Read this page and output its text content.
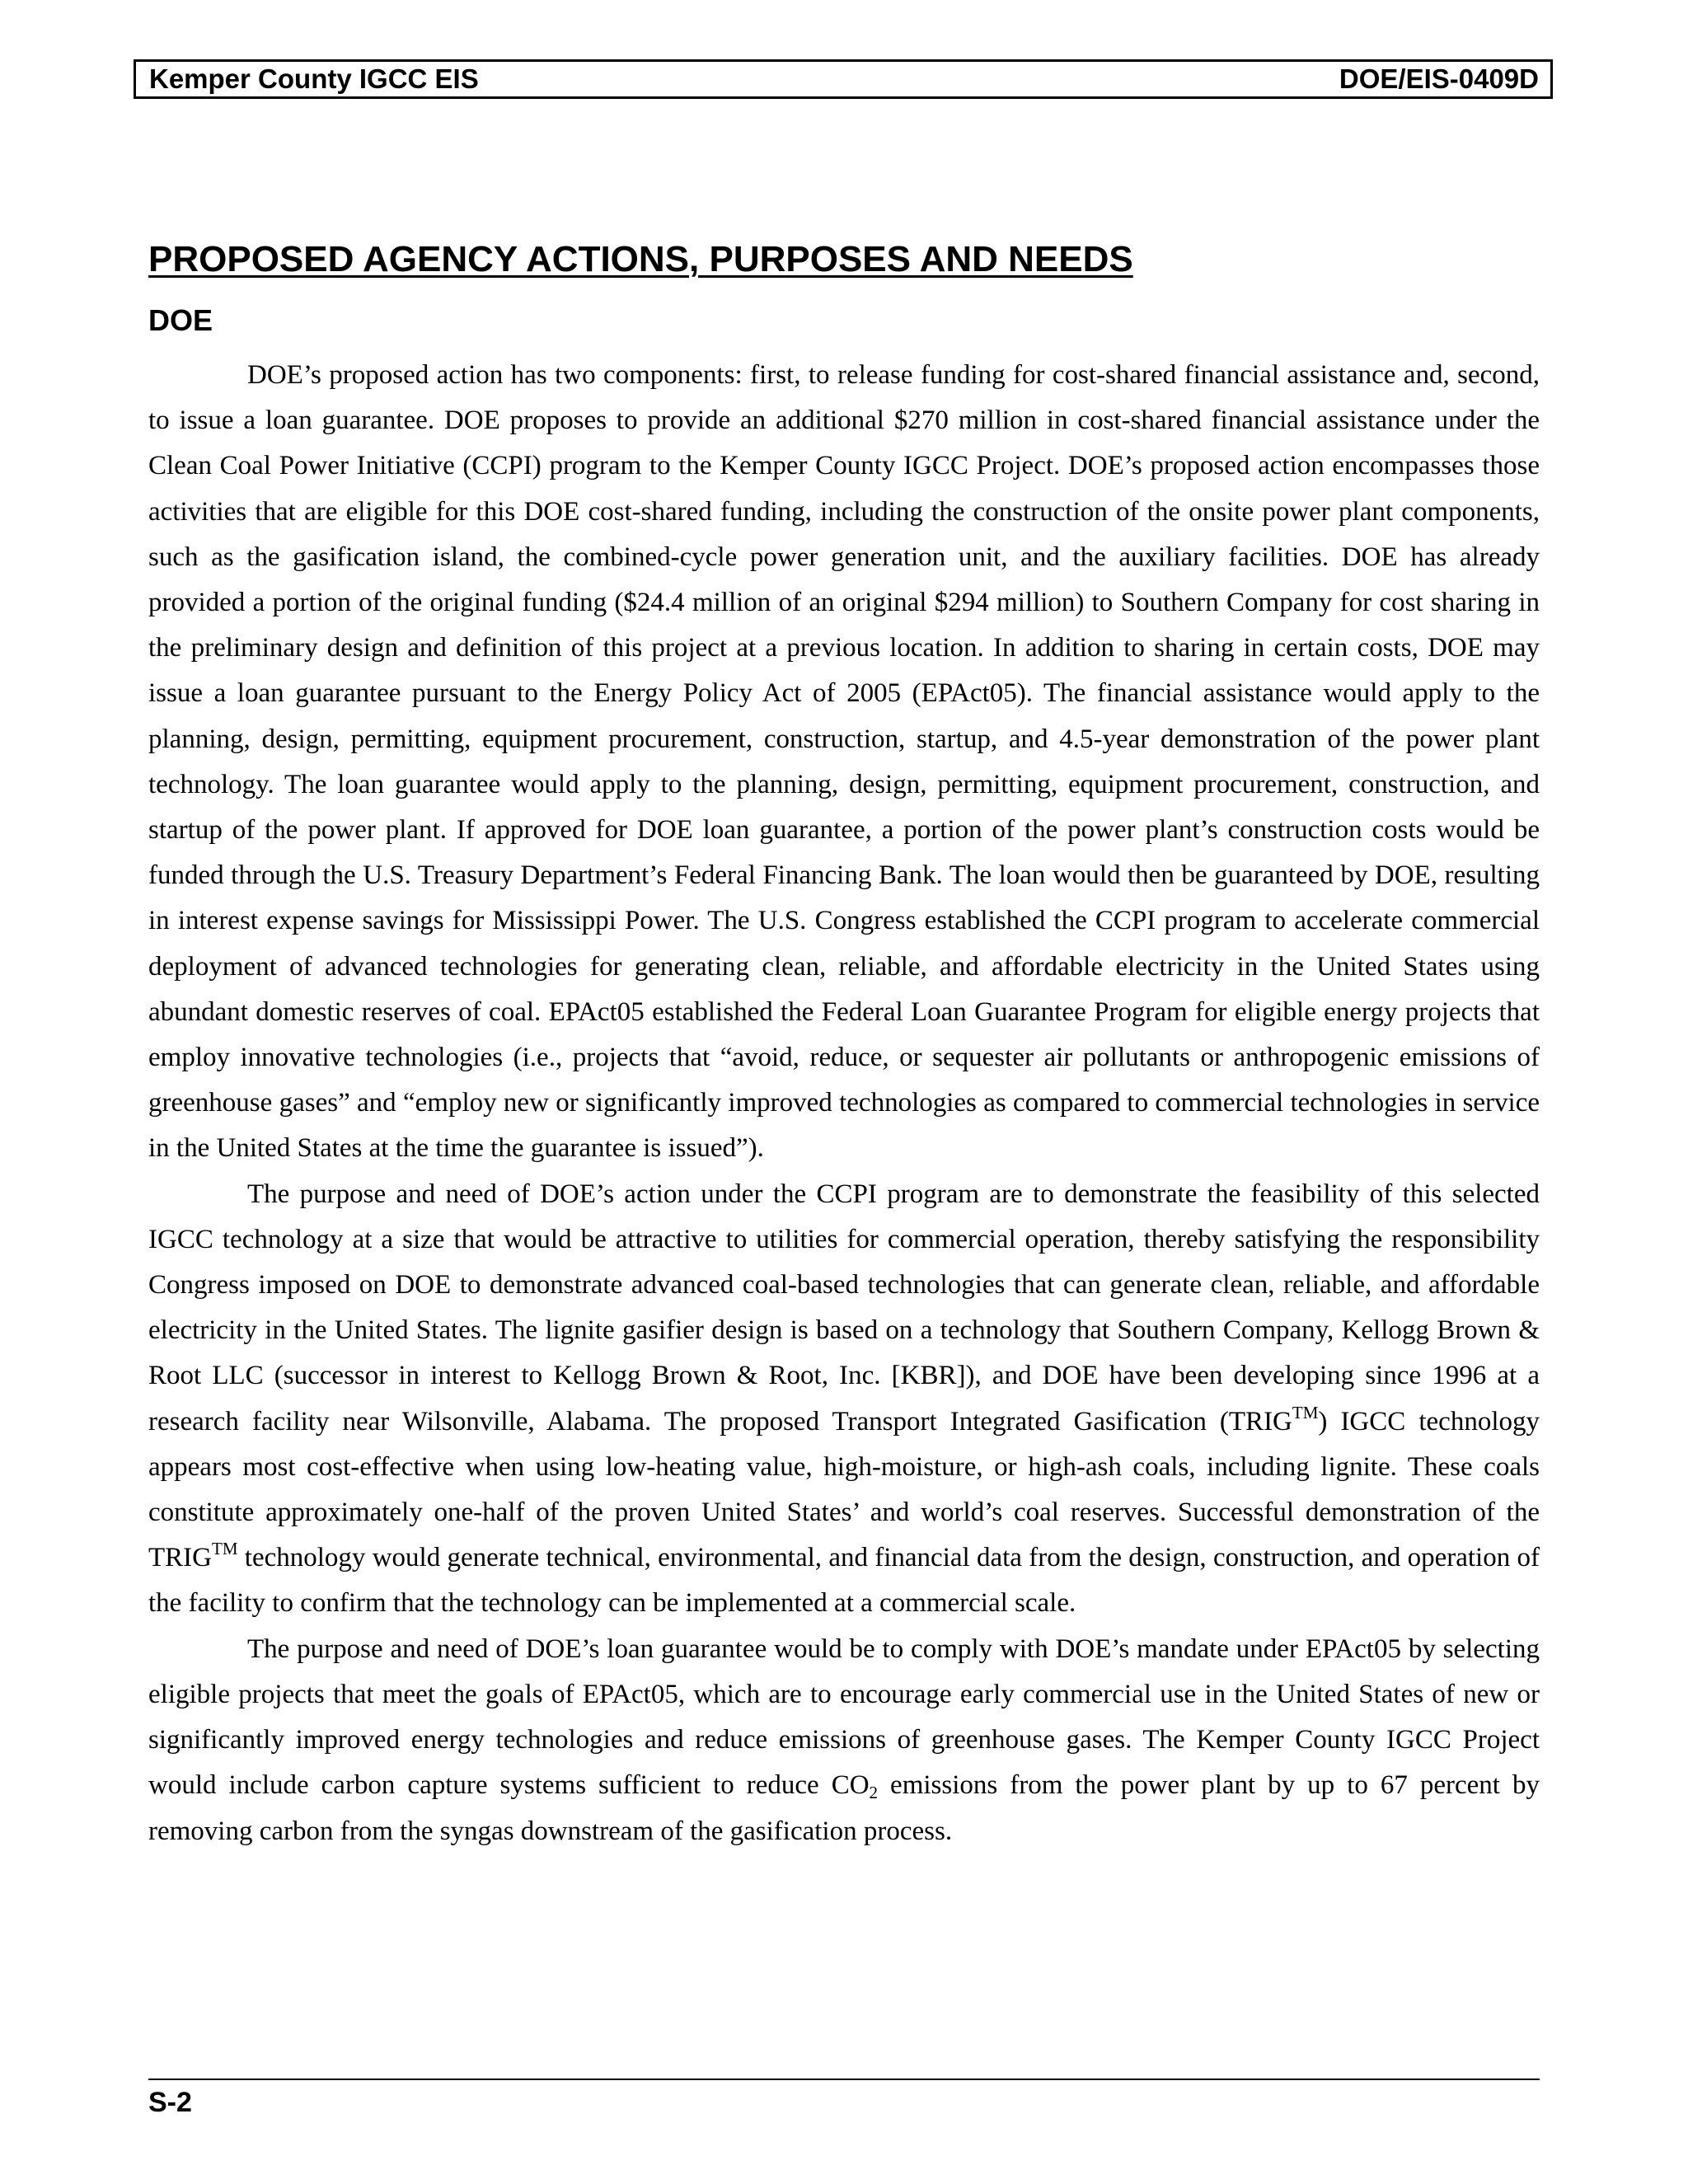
Kemper County IGCC EIS	DOE/EIS-0409D
PROPOSED AGENCY ACTIONS, PURPOSES AND NEEDS
DOE

DOE’s proposed action has two components: first, to release funding for cost-shared financial assistance and, second, to issue a loan guarantee. DOE proposes to provide an additional $270 million in cost-shared financial assistance under the Clean Coal Power Initiative (CCPI) program to the Kemper County IGCC Project. DOE’s proposed action encompasses those activities that are eligible for this DOE cost-shared funding, including the construction of the onsite power plant components, such as the gasification island, the combined-cycle power generation unit, and the auxiliary facilities. DOE has already provided a portion of the original funding ($24.4 million of an original $294 million) to Southern Company for cost sharing in the preliminary design and definition of this project at a previous location. In addition to sharing in certain costs, DOE may issue a loan guarantee pursuant to the Energy Policy Act of 2005 (EPAct05). The financial assistance would apply to the planning, design, permitting, equipment procurement, construction, startup, and 4.5-year demonstration of the power plant technology. The loan guarantee would apply to the planning, design, permitting, equipment procurement, construction, and startup of the power plant. If approved for DOE loan guarantee, a portion of the power plant’s construction costs would be funded through the U.S. Treasury Department’s Federal Financing Bank. The loan would then be guaranteed by DOE, resulting in interest expense savings for Mississippi Power. The U.S. Congress established the CCPI program to accelerate commercial deployment of advanced technologies for generating clean, reliable, and affordable electricity in the United States using abundant domestic reserves of coal. EPAct05 established the Federal Loan Guarantee Program for eligible energy projects that employ innovative technologies (i.e., projects that “avoid, reduce, or sequester air pollutants or anthropogenic emissions of greenhouse gases” and “employ new or significantly improved technologies as compared to commercial technologies in service in the United States at the time the guarantee is issued”).

The purpose and need of DOE’s action under the CCPI program are to demonstrate the feasibility of this selected IGCC technology at a size that would be attractive to utilities for commercial operation, thereby satisfying the responsibility Congress imposed on DOE to demonstrate advanced coal-based technologies that can generate clean, reliable, and affordable electricity in the United States. The lignite gasifier design is based on a technology that Southern Company, Kellogg Brown & Root LLC (successor in interest to Kellogg Brown & Root, Inc. [KBR]), and DOE have been developing since 1996 at a research facility near Wilsonville, Alabama. The proposed Transport Integrated Gasification (TRIG™) IGCC technology appears most cost-effective when using low-heating value, high-moisture, or high-ash coals, including lignite. These coals constitute approximately one-half of the proven United States’ and world’s coal reserves. Successful demonstration of the TRIG™ technology would generate technical, environmental, and financial data from the design, construction, and operation of the facility to confirm that the technology can be implemented at a commercial scale.

The purpose and need of DOE’s loan guarantee would be to comply with DOE’s mandate under EPAct05 by selecting eligible projects that meet the goals of EPAct05, which are to encourage early commercial use in the United States of new or significantly improved energy technologies and reduce emissions of greenhouse gases. The Kemper County IGCC Project would include carbon capture systems sufficient to reduce $CO_2$ emissions from the power plant by up to 67 percent by removing carbon from the syngas downstream of the gasification process.

S-2
